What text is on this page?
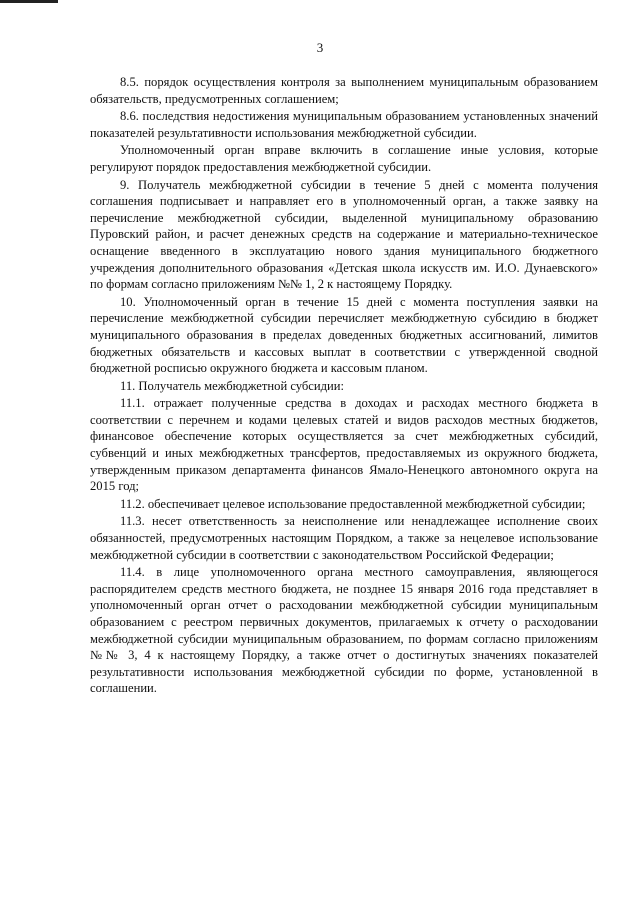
3

8.5. порядок осуществления контроля за выполнением муниципальным образованием обязательств, предусмотренных соглашением;

8.6. последствия недостижения муниципальным образованием установленных значений показателей результативности использования межбюджетной субсидии.

Уполномоченный орган вправе включить в соглашение иные условия, которые регулируют порядок предоставления межбюджетной субсидии.

9. Получатель межбюджетной субсидии в течение 5 дней с момента получения соглашения подписывает и направляет его в уполномоченный орган, а также заявку на перечисление межбюджетной субсидии, выделенной муниципальному образованию Пуровский район, и расчет денежных средств на содержание и материально-техническое оснащение введенного в эксплуатацию нового здания муниципального бюджетного учреждения дополнительного образования «Детская школа искусств им. И.О. Дунаевского» по формам согласно приложениям №№ 1, 2 к настоящему Порядку.

10. Уполномоченный орган в течение 15 дней с момента поступления заявки на перечисление межбюджетной субсидии перечисляет межбюджетную субсидию в бюджет муниципального образования в пределах доведенных бюджетных ассигнований, лимитов бюджетных обязательств и кассовых выплат в соответствии с утвержденной сводной бюджетной росписью окружного бюджета и кассовым планом.

11. Получатель межбюджетной субсидии:

11.1. отражает полученные средства в доходах и расходах местного бюджета в соответствии с перечнем и кодами целевых статей и видов расходов местных бюджетов, финансовое обеспечение которых осуществляется за счет межбюджетных субсидий, субвенций и иных межбюджетных трансфертов, предоставляемых из окружного бюджета, утвержденным приказом департамента финансов Ямало-Ненецкого автономного округа на 2015 год;

11.2. обеспечивает целевое использование предоставленной межбюджетной субсидии;

11.3. несет ответственность за неисполнение или ненадлежащее исполнение своих обязанностей, предусмотренных настоящим Порядком, а также за нецелевое использование межбюджетной субсидии в соответствии с законодательством Российской Федерации;

11.4. в лице уполномоченного органа местного самоуправления, являющегося распорядителем средств местного бюджета, не позднее 15 января 2016 года представляет в уполномоченный орган отчет о расходовании межбюджетной субсидии муниципальным образованием с реестром первичных документов, прилагаемых к отчету о расходовании межбюджетной субсидии муниципальным образованием, по формам согласно приложениям №№ 3, 4 к настоящему Порядку, а также отчет о достигнутых значениях показателей результативности использования межбюджетной субсидии по форме, установленной в соглашении.
